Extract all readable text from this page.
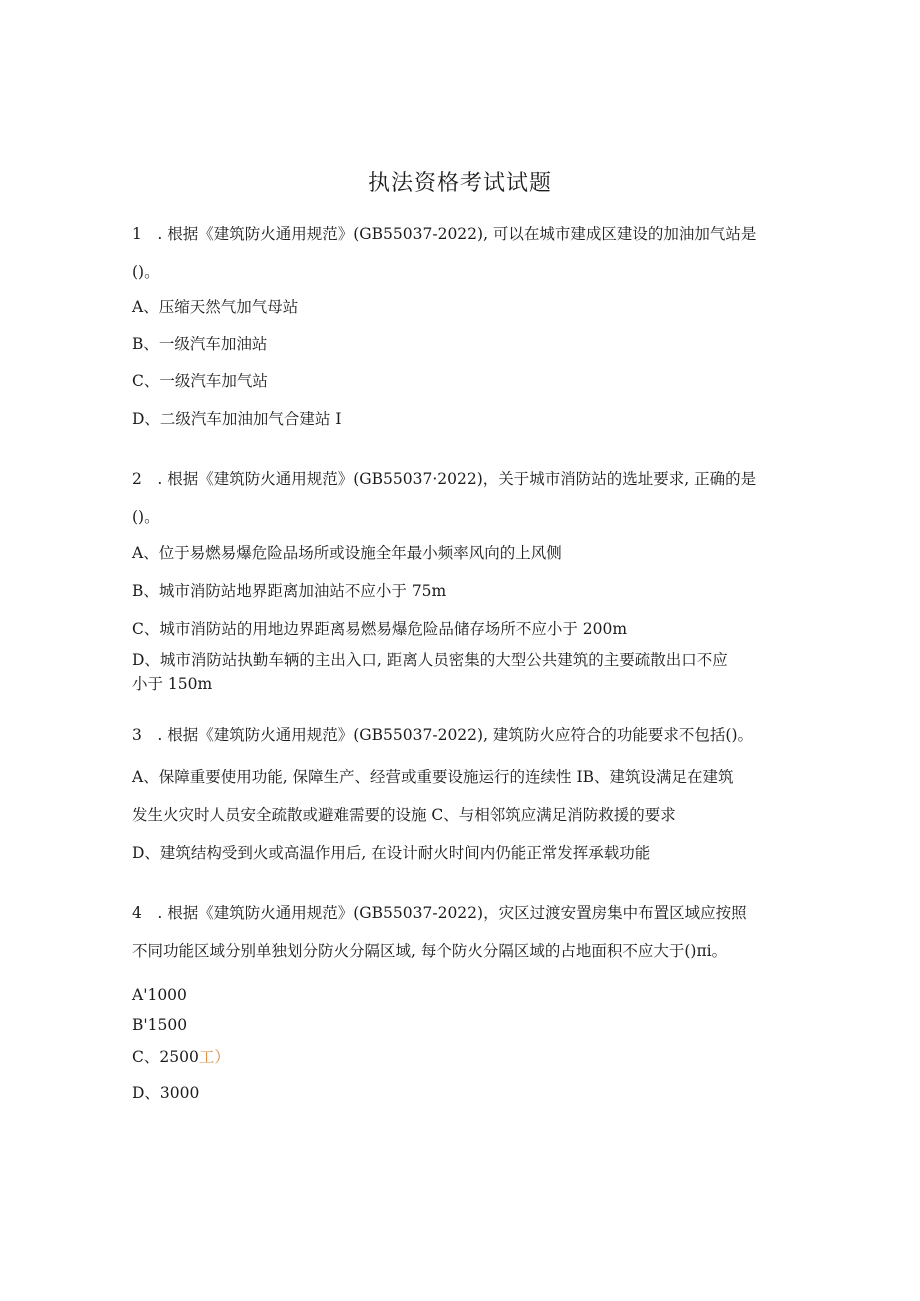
执法资格考试试题
1　. 根据《建筑防火通用规范》(GB55037-2022), 可以在城市建成区建设的加油加气站是
()。
A、压缩天然气加气母站
B、一级汽车加油站
C、一级汽车加气站
D、二级汽车加油加气合建站 I
2　. 根据《建筑防火通用规范》(GB55037·2022)，关于城市消防站的选址要求, 正确的是
()。
A、位于易燃易爆危险品场所或设施全年最小频率风向的上风侧
B、城市消防站地界距离加油站不应小于 75m
C、城市消防站的用地边界距离易燃易爆危险品储存场所不应小于 200m
D、城市消防站执勤车辆的主出入口, 距离人员密集的大型公共建筑的主要疏散出口不应
小于 150m
3　. 根据《建筑防火通用规范》(GB55037-2022), 建筑防火应符合的功能要求不包括()。
A、保障重要使用功能, 保障生产、经营或重要设施运行的连续性 IB、建筑设满足在建筑
发生火灾时人员安全疏散或避难需要的设施 C、与相邻筑应满足消防救援的要求
D、建筑结构受到火或高温作用后, 在设计耐火时间内仍能正常发挥承载功能
4　. 根据《建筑防火通用规范》(GB55037-2022)，灾区过渡安置房集中布置区域应按照
不同功能区域分别单独划分防火分隔区域, 每个防火分隔区域的占地面积不应大于()πi。
A'1000
B'1500
C、2500工）
D、3000
